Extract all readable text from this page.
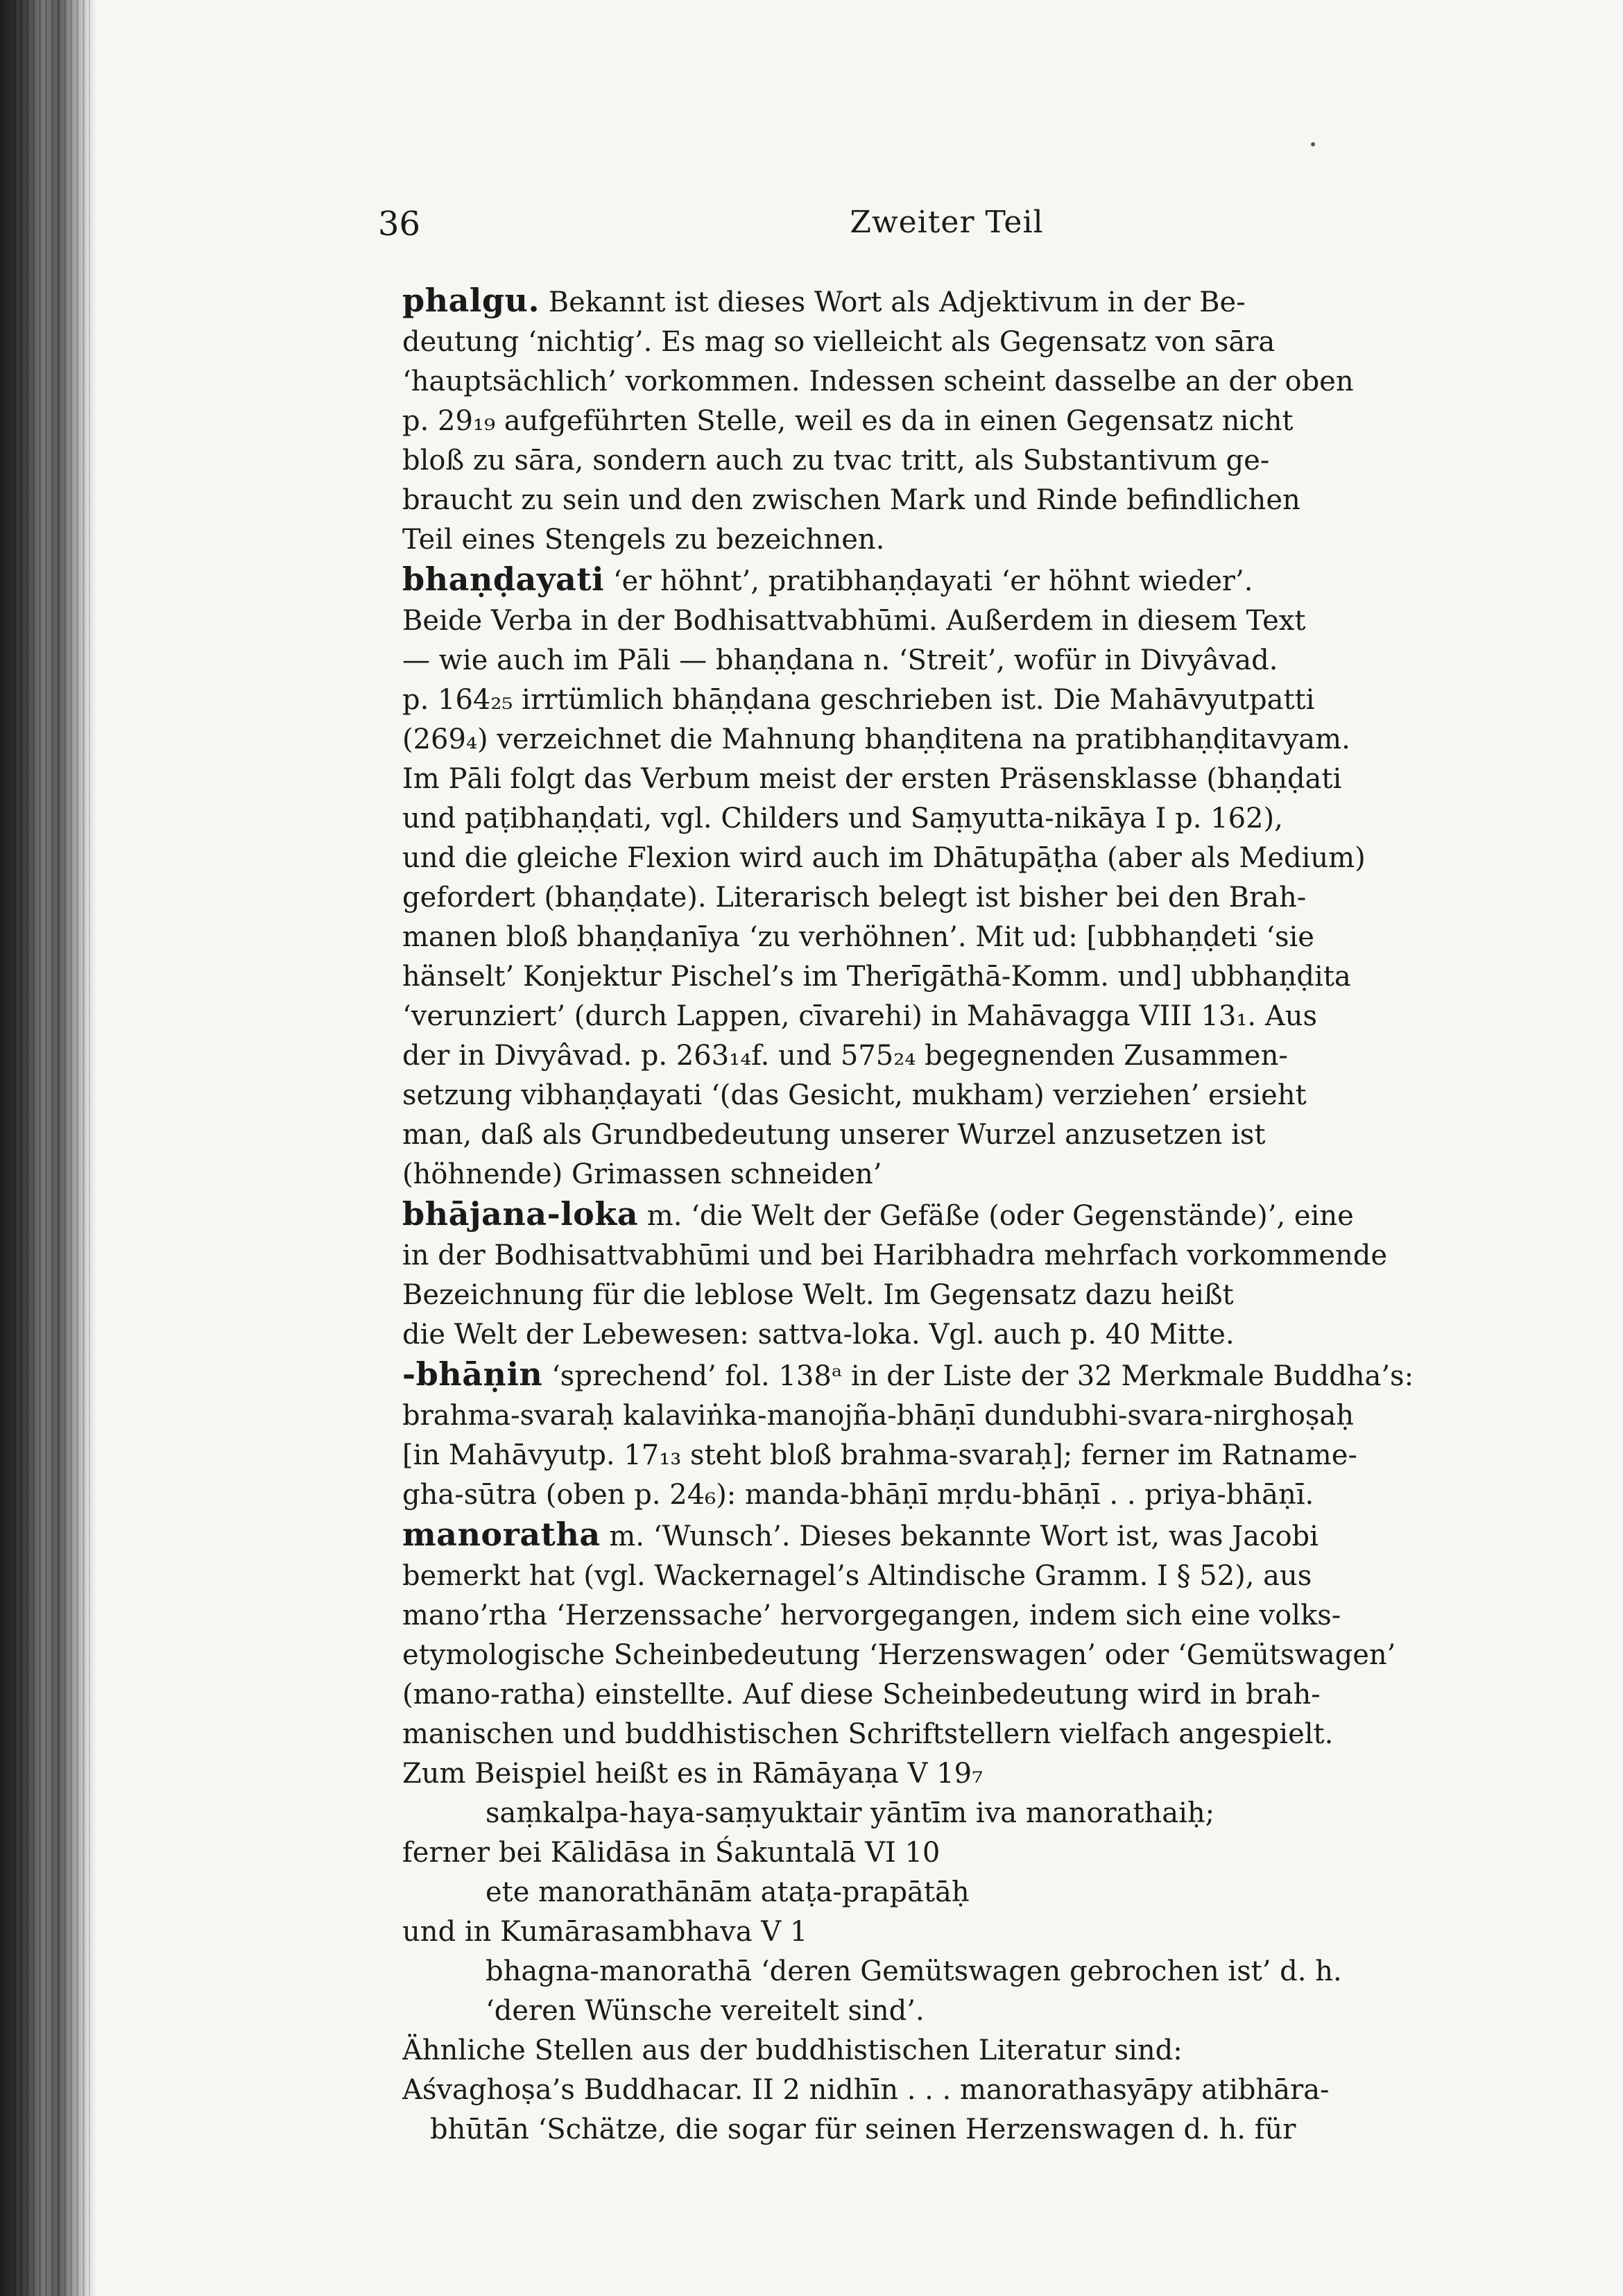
36	Zweiter Teil
phalgu. Bekannt ist dieses Wort als Adjektivum in der Be-
deutung ‘nichtig’. Es mag so vielleicht als Gegensatz von sāra
‘hauptsächlich’ vorkommen. Indessen scheint dasselbe an der oben
p. 29₁₉ aufgeführten Stelle, weil es da in einen Gegensatz nicht
bloß zu sāra, sondern auch zu tvac tritt, als Substantivum ge-
braucht zu sein und den zwischen Mark und Rinde befindlichen
Teil eines Stengels zu bezeichnen.
bhaṇḍayati ‘er höhnt’, pratibhaṇḍayati ‘er höhnt wieder’.
Beide Verba in der Bodhisattvabhūmi. Außerdem in diesem Text
— wie auch im Pāli — bhaṇḍana n. ‘Streit’, wofür in Divyâvad.
p. 164₂₅ irrtümlich bhāṇḍana geschrieben ist. Die Mahāvyutpatti
(269₄) verzeichnet die Mahnung bhaṇḍitena na pratibhaṇḍitavyam.
Im Pāli folgt das Verbum meist der ersten Präsensklasse (bhaṇḍati
und paṭibhaṇḍati, vgl. Childers und Saṃyutta-nikāya I p. 162),
und die gleiche Flexion wird auch im Dhātupāṭha (aber als Medium)
gefordert (bhaṇḍate). Literarisch belegt ist bisher bei den Brah-
manen bloß bhaṇḍanīya ‘zu verhöhnen’. Mit ud: [ubbhaṇḍeti ‘sie
hänselt’ Konjektur Pischel’s im Therīgāthā-Komm. und] ubbhaṇḍita
‘verunziert’ (durch Lappen, cīvarehi) in Mahāvagga VIII 13₁. Aus
der in Divyâvad. p. 263₁₄f. und 575₂₄ begegnenden Zusammen-
setzung vibhaṇḍayati ‘(das Gesicht, mukham) verziehen’ ersieht
man, daß als Grundbedeutung unserer Wurzel anzusetzen ist
(höhnende) Grimassen schneiden’
bhājana-loka m. ‘die Welt der Gefäße (oder Gegenstände)’, eine
in der Bodhisattvabhūmi und bei Haribhadra mehrfach vorkommende
Bezeichnung für die leblose Welt. Im Gegensatz dazu heißt
die Welt der Lebewesen: sattva-loka. Vgl. auch p. 40 Mitte.
-bhāṇin ‘sprechend’ fol. 138ᵃ in der Liste der 32 Merkmale Buddha’s:
brahma-svaraḥ kalaviṅka-manojña-bhāṇī dundubhi-svara-nirghoṣaḥ
[in Mahāvyutp. 17₁₃ steht bloß brahma-svaraḥ]; ferner im Ratname-
gha-sūtra (oben p. 24₆): manda-bhāṇī mṛdu-bhāṇī . . priya-bhāṇī.
manoratha m. ‘Wunsch’. Dieses bekannte Wort ist, was Jacobi
bemerkt hat (vgl. Wackernagel’s Altindische Gramm. I § 52), aus
mano’rtha ‘Herzenssache’ hervorgegangen, indem sich eine volks-
etymologische Scheinbedeutung ‘Herzenswagen’ oder ‘Gemütswagen’
(mano-ratha) einstellte. Auf diese Scheinbedeutung wird in brah-
manischen und buddhistischen Schriftstellern vielfach angespielt.
Zum Beispiel heißt es in Rāmāyaṇa V 19₇
saṃkalpa-haya-saṃyuktair yāntīm iva manorathaiḥ;
ferner bei Kālidāsa in Śakuntalā VI 10
ete manorathānām ataṭa-prapātāḥ
und in Kumārasambhava V 1
bhagna-manorathā ‘deren Gemütswagen gebrochen ist’ d. h.
‘deren Wünsche vereitelt sind’.
Ähnliche Stellen aus der buddhistischen Literatur sind:
Aśvaghoṣa’s Buddhacar. II 2 nidhīn . . . manorathasyāpy atibhāra-
bhūtān ‘Schätze, die sogar für seinen Herzenswagen d. h. für
